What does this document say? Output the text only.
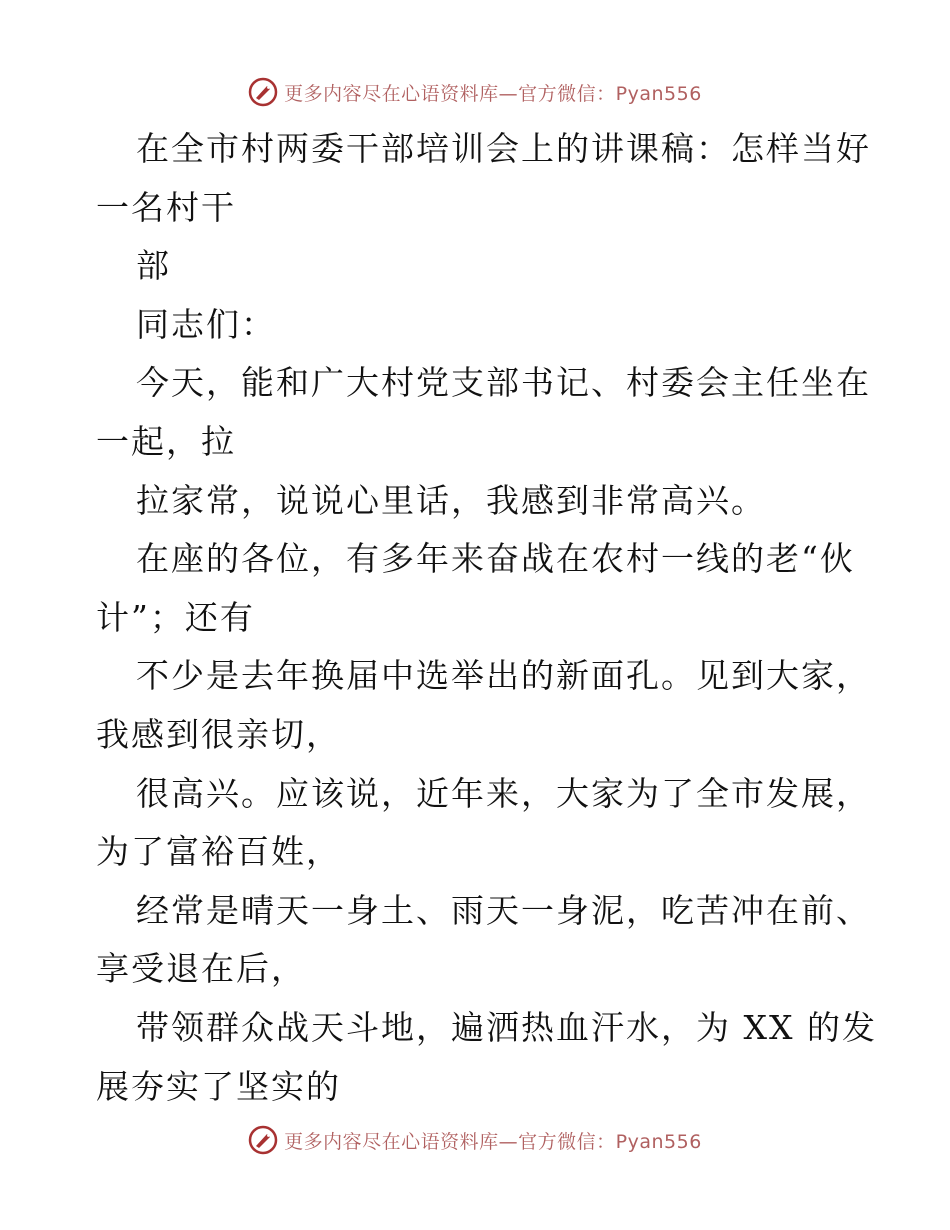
更多内容尽在心语资料库—官方微信：Pyan556
在全市村两委干部培训会上的讲课稿：怎样当好
一名村干
部
同志们：
今天，能和广大村党支部书记、村委会主任坐在
一起，拉
拉家常，说说心里话，我感到非常高兴。
在座的各位，有多年来奋战在农村一线的老“伙
计”；还有
不少是去年换届中选举出的新面孔。见到大家，
我感到很亲切，
很高兴。应该说，近年来，大家为了全市发展，
为了富裕百姓，
经常是晴天一身土、雨天一身泥，吃苦冲在前、
享受退在后，
带领群众战天斗地，遍洒热血汗水，为 XX 的发
展夯实了坚实的
更多内容尽在心语资料库—官方微信：Pyan556
